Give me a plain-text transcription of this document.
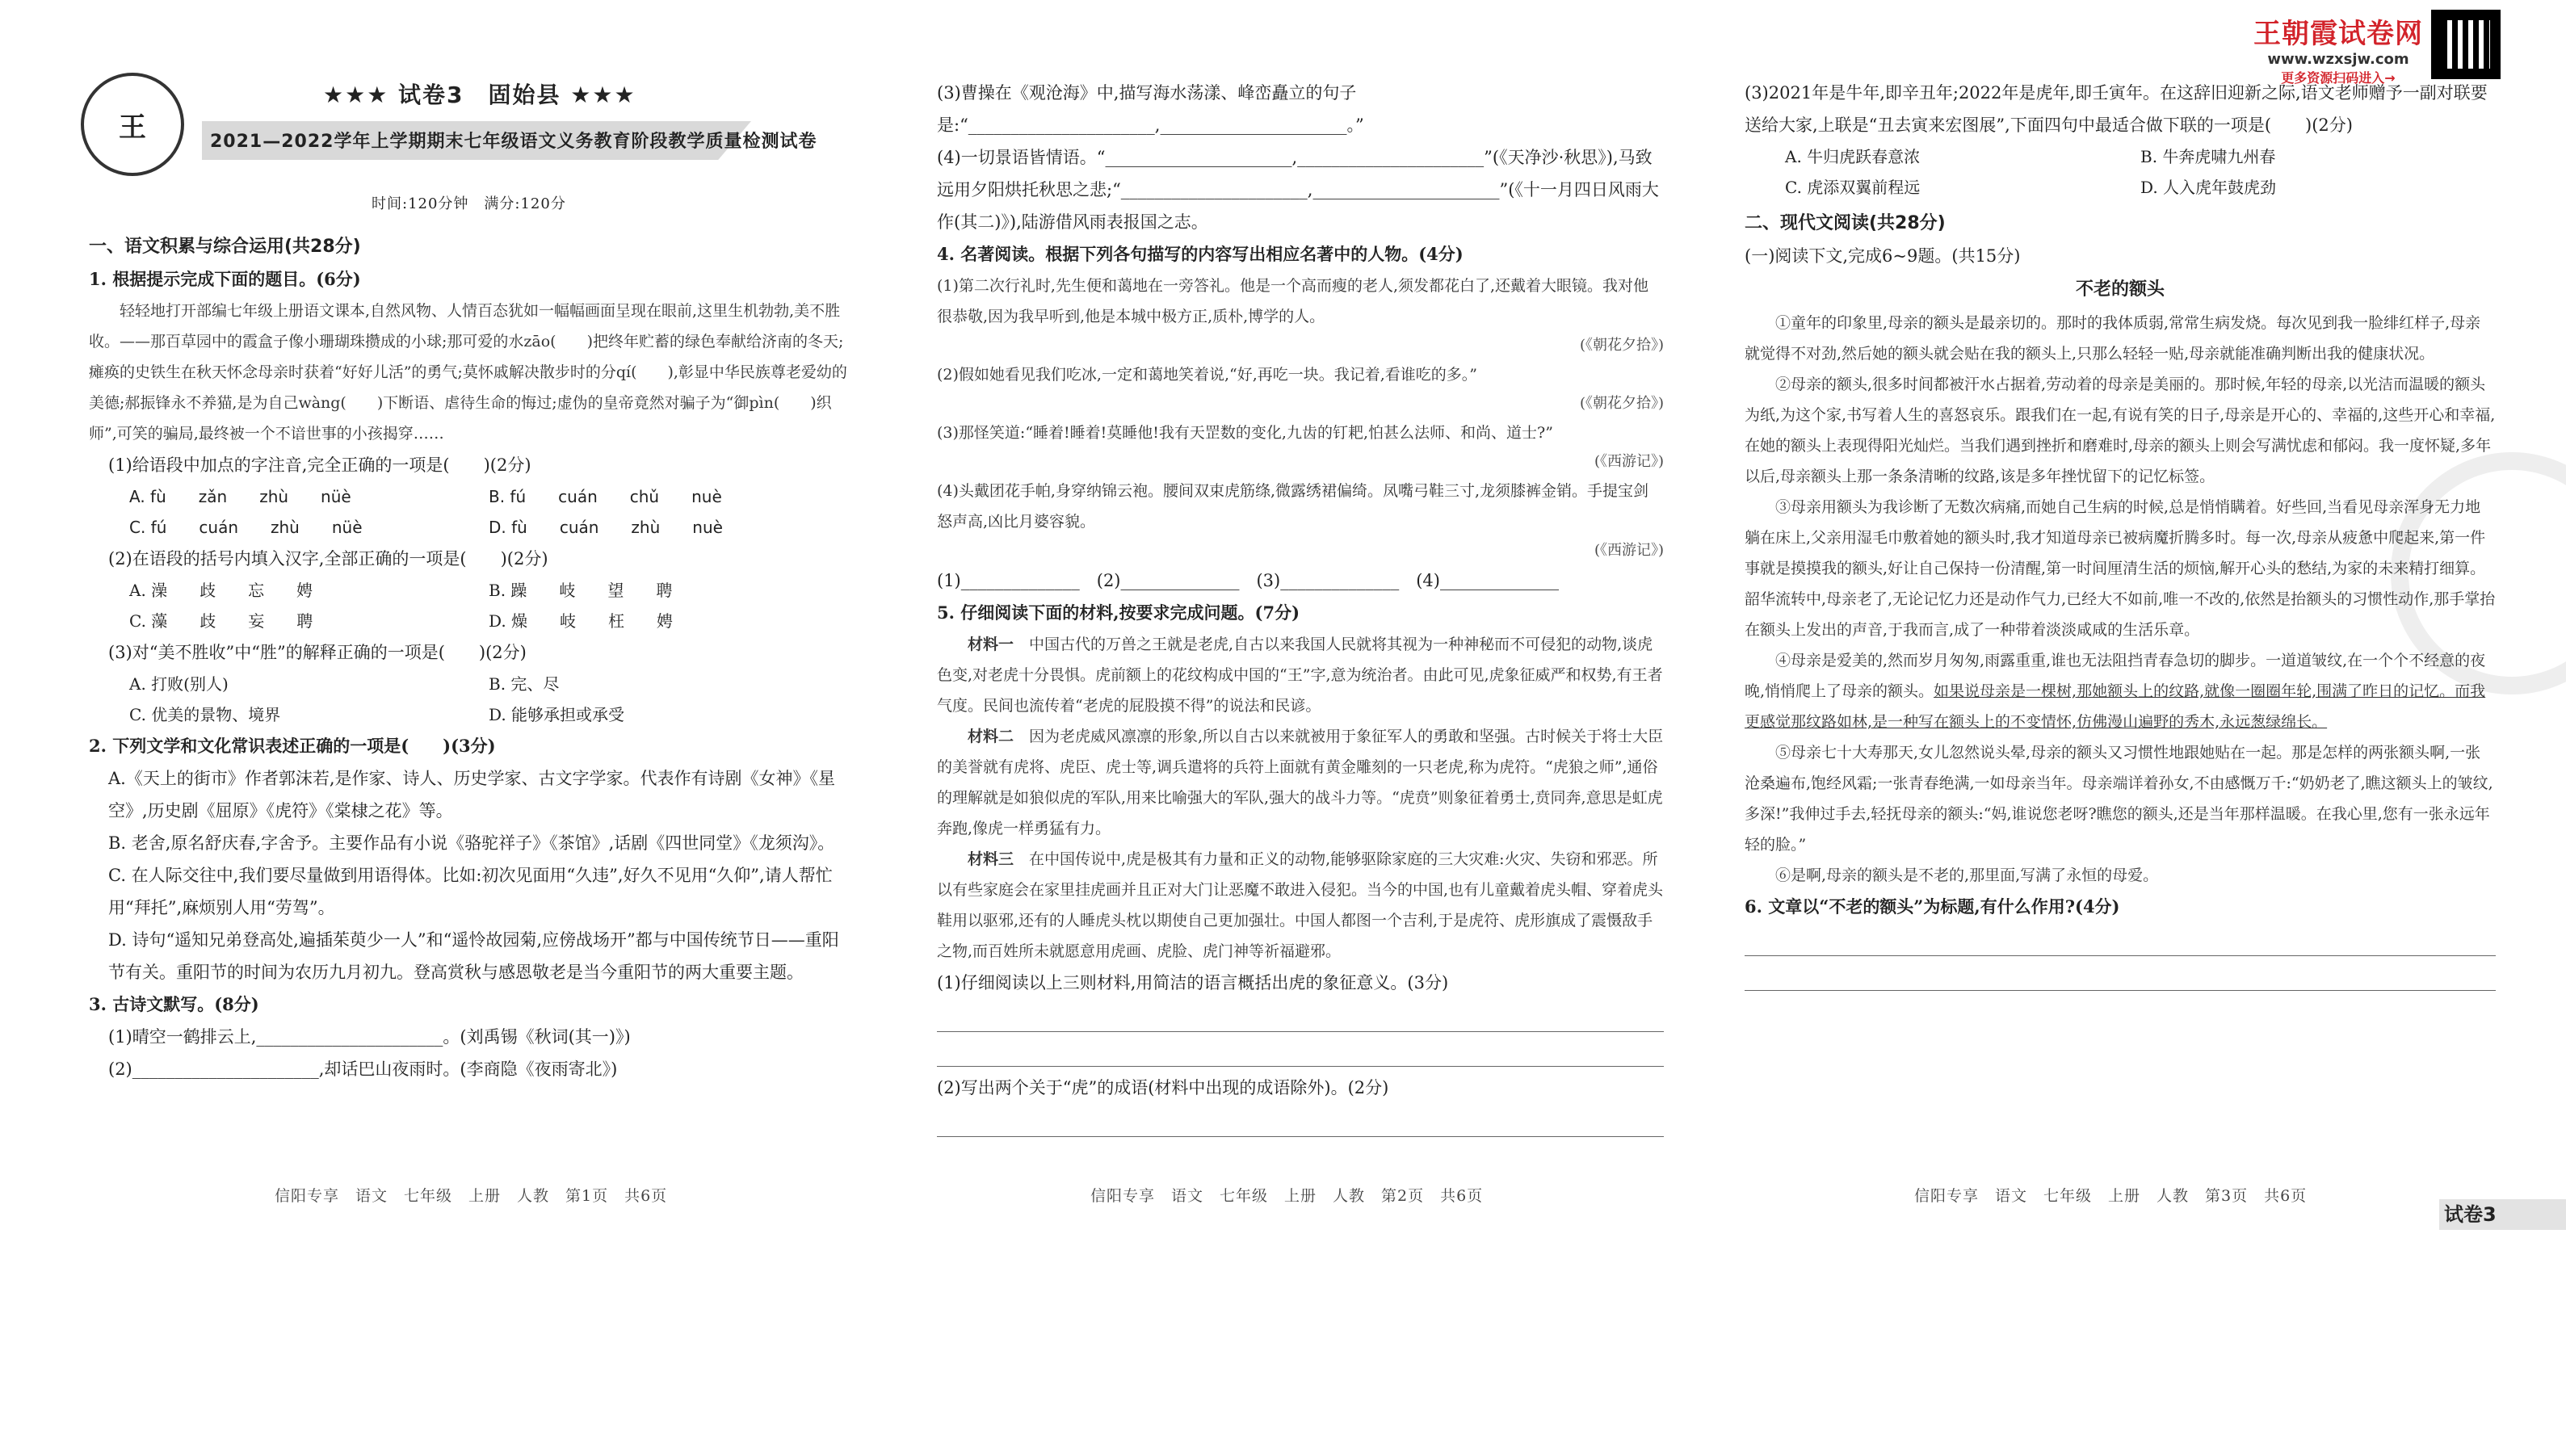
王
★★★ 试卷3　固始县 ★★★
2021—2022学年上学期期末七年级语文义务教育阶段教学质量检测试卷
时间:120分钟　满分:120分
王朝霞试卷网
www.wzxsjw.com
更多资源扫码进入→

一、语文积累与综合运用(共28分)

1. 根据提示完成下面的题目。(6分)

轻轻地打开部编七年级上册语文课本,自然风物、人情百态犹如一幅幅画面呈现在眼前,这里生机勃勃,美不胜收。——那百草园中的霞盒子像小珊瑚珠攒成的小球;那可爱的水zāo(　　)把终年贮蓄的绿色奉献给济南的冬天;瘫痪的史铁生在秋天怀念母亲时获着“好好儿活”的勇气;莫怀戚解决散步时的分qí(　　),彰显中华民族尊老爱幼的美德;郝振锋永不养猫,是为自己wàng(　　)下断语、虐待生命的悔过;虚伪的皇帝竟然对骗子为“御pìn(　　)织师”,可笑的骗局,最终被一个不谙世事的小孩揭穿……

(1)给语段中加点的字注音,完全正确的一项是(　　)(2分)

A. fù　　zǎn　　zhù　　nüè	B. fú　　cuán　　chǔ　　nuè
C. fú　　cuán　　zhù　　nüè	D. fù　　cuán　　zhù　　nuè

(2)在语段的括号内填入汉字,全部正确的一项是(　　)(2分)

A. 澡　　歧　　忘　　娉	B. 躁　　岐　　望　　聘
C. 藻　　歧　　妄　　聘	D. 燥　　岐　　枉　　娉

(3)对“美不胜收”中“胜”的解释正确的一项是(　　)(2分)

A. 打败(别人)	B. 完、尽
C. 优美的景物、境界	D. 能够承担或承受

2. 下列文学和文化常识表述正确的一项是(　　)(3分)

A.《天上的街市》作者郭沫若,是作家、诗人、历史学家、古文字学家。代表作有诗剧《女神》《星空》,历史剧《屈原》《虎符》《棠棣之花》等。

B. 老舍,原名舒庆春,字舍予。主要作品有小说《骆驼祥子》《茶馆》,话剧《四世同堂》《龙须沟》。

C. 在人际交往中,我们要尽量做到用语得体。比如:初次见面用“久违”,好久不见用“久仰”,请人帮忙用“拜托”,麻烦别人用“劳驾”。

D. 诗句“遥知兄弟登高处,遍插茱萸少一人”和“遥怜故园菊,应傍战场开”都与中国传统节日——重阳节有关。重阳节的时间为农历九月初九。登高赏秋与感恩敬老是当今重阳节的两大重要主题。

3. 古诗文默写。(8分)

(1)晴空一鹤排云上,______________________。(刘禹锡《秋词(其一)》)

(2)______________________,却话巴山夜雨时。(李商隐《夜雨寄北》)

信阳专享　语文　七年级　上册　人教　第1页　共6页

(3)曹操在《观沧海》中,描写海水荡漾、峰峦矗立的句子是:“______________________,______________________。”

(4)一切景语皆情语。“______________________,______________________”(《天净沙·秋思》),马致远用夕阳烘托秋思之悲;“______________________,______________________”(《十一月四日风雨大作(其二)》),陆游借风雨表报国之志。

4. 名著阅读。根据下列各句描写的内容写出相应名著中的人物。(4分)

(1)第二次行礼时,先生便和蔼地在一旁答礼。他是一个高而瘦的老人,须发都花白了,还戴着大眼镜。我对他很恭敬,因为我早听到,他是本城中极方正,质朴,博学的人。

(《朝花夕拾》)

(2)假如她看见我们吃冰,一定和蔼地笑着说,“好,再吃一块。我记着,看谁吃的多。”

(《朝花夕拾》)

(3)那怪笑道:“睡着!睡着!莫睡他!我有天罡数的变化,九齿的钉耙,怕甚么法师、和尚、道士?”

(《西游记》)

(4)头戴团花手帕,身穿纳锦云袍。腰间双束虎筋绦,微露绣裙偏绮。凤嘴弓鞋三寸,龙须膝裤金销。手提宝剑怒声高,凶比月婆容貌。

(《西游记》)

(1)______________　(2)______________　(3)______________　(4)______________

5. 仔细阅读下面的材料,按要求完成问题。(7分)

材料一　 中国古代的万兽之王就是老虎,自古以来我国人民就将其视为一种神秘而不可侵犯的动物,谈虎色变,对老虎十分畏惧。虎前额上的花纹构成中国的“王”字,意为统治者。由此可见,虎象征威严和权势,有王者气度。民间也流传着“老虎的屁股摸不得”的说法和民谚。

材料二　 因为老虎威风凛凛的形象,所以自古以来就被用于象征军人的勇敢和坚强。古时候关于将士大臣的美誉就有虎将、虎臣、虎士等,调兵遣将的兵符上面就有黄金雕刻的一只老虎,称为虎符。“虎狼之师”,通俗的理解就是如狼似虎的军队,用来比喻强大的军队,强大的战斗力等。“虎贲”则象征着勇士,贲同奔,意思是虹虎奔跑,像虎一样勇猛有力。

材料三　 在中国传说中,虎是极其有力量和正义的动物,能够驱除家庭的三大灾难:火灾、失窃和邪恶。所以有些家庭会在家里挂虎画并且正对大门让恶魔不敢进入侵犯。当今的中国,也有儿童戴着虎头帽、穿着虎头鞋用以驱邪,还有的人睡虎头枕以期使自己更加强壮。中国人都图一个吉利,于是虎符、虎形旗成了震慑敌手之物,而百姓所未就愿意用虎画、虎脸、虎门神等祈福避邪。

(1)仔细阅读以上三则材料,用简洁的语言概括出虎的象征意义。(3分)

(2)写出两个关于“虎”的成语(材料中出现的成语除外)。(2分)

信阳专享　语文　七年级　上册　人教　第2页　共6页

(3)2021年是牛年,即辛丑年;2022年是虎年,即壬寅年。在这辞旧迎新之际,语文老师赠予一副对联要送给大家,上联是“丑去寅来宏图展”,下面四句中最适合做下联的一项是(　　)(2分)

A. 牛归虎跃春意浓	B. 牛奔虎啸九州春
C. 虎添双翼前程远	D. 人入虎年鼓虎劲

二、现代文阅读(共28分)

(一)阅读下文,完成6~9题。(共15分)

不老的额头

①童年的印象里,母亲的额头是最亲切的。那时的我体质弱,常常生病发烧。每次见到我一脸绯红样子,母亲就觉得不对劲,然后她的额头就会贴在我的额头上,只那么轻轻一贴,母亲就能准确判断出我的健康状况。

②母亲的额头,很多时间都被汗水占据着,劳动着的母亲是美丽的。那时候,年轻的母亲,以光洁而温暖的额头为纸,为这个家,书写着人生的喜怒哀乐。跟我们在一起,有说有笑的日子,母亲是开心的、幸福的,这些开心和幸福,在她的额头上表现得阳光灿烂。当我们遇到挫折和磨难时,母亲的额头上则会写满忧虑和郁闷。我一度怀疑,多年以后,母亲额头上那一条条清晰的纹路,该是多年挫忧留下的记忆标签。

③母亲用额头为我诊断了无数次病痛,而她自己生病的时候,总是悄悄瞒着。好些回,当看见母亲浑身无力地躺在床上,父亲用湿毛巾敷着她的额头时,我才知道母亲已被病魔折腾多时。每一次,母亲从疲惫中爬起来,第一件事就是摸摸我的额头,好让自己保持一份清醒,第一时间厘清生活的烦恼,解开心头的愁结,为家的未来精打细算。韶华流转中,母亲老了,无论记忆力还是动作气力,已经大不如前,唯一不改的,依然是抬额头的习惯性动作,那手掌抬在额头上发出的声音,于我而言,成了一种带着淡淡咸咸的生活乐章。

④母亲是爱美的,然而岁月匆匆,雨露重重,谁也无法阻挡青春急切的脚步。一道道皱纹,在一个个不经意的夜晚,悄悄爬上了母亲的额头。如果说母亲是一棵树,那她额头上的纹路,就像一圈圈年轮,围满了昨日的记忆。而我更感觉那纹路如林,是一种写在额头上的不变情怀,仿佛漫山遍野的秀木,永远葱绿绵长。

⑤母亲七十大寿那天,女儿忽然说头晕,母亲的额头又习惯性地跟她贴在一起。那是怎样的两张额头啊,一张沧桑遍布,饱经风霜;一张青春绝满,一如母亲当年。母亲端详着孙女,不由感慨万千:“奶奶老了,瞧这额头上的皱纹,多深!”我伸过手去,轻抚母亲的额头:“妈,谁说您老呀?瞧您的额头,还是当年那样温暖。在我心里,您有一张永远年轻的脸。”

⑥是啊,母亲的额头是不老的,那里面,写满了永恒的母爱。

6. 文章以“不老的额头”为标题,有什么作用?(4分)

信阳专享　语文　七年级　上册　人教　第3页　共6页
试卷3
